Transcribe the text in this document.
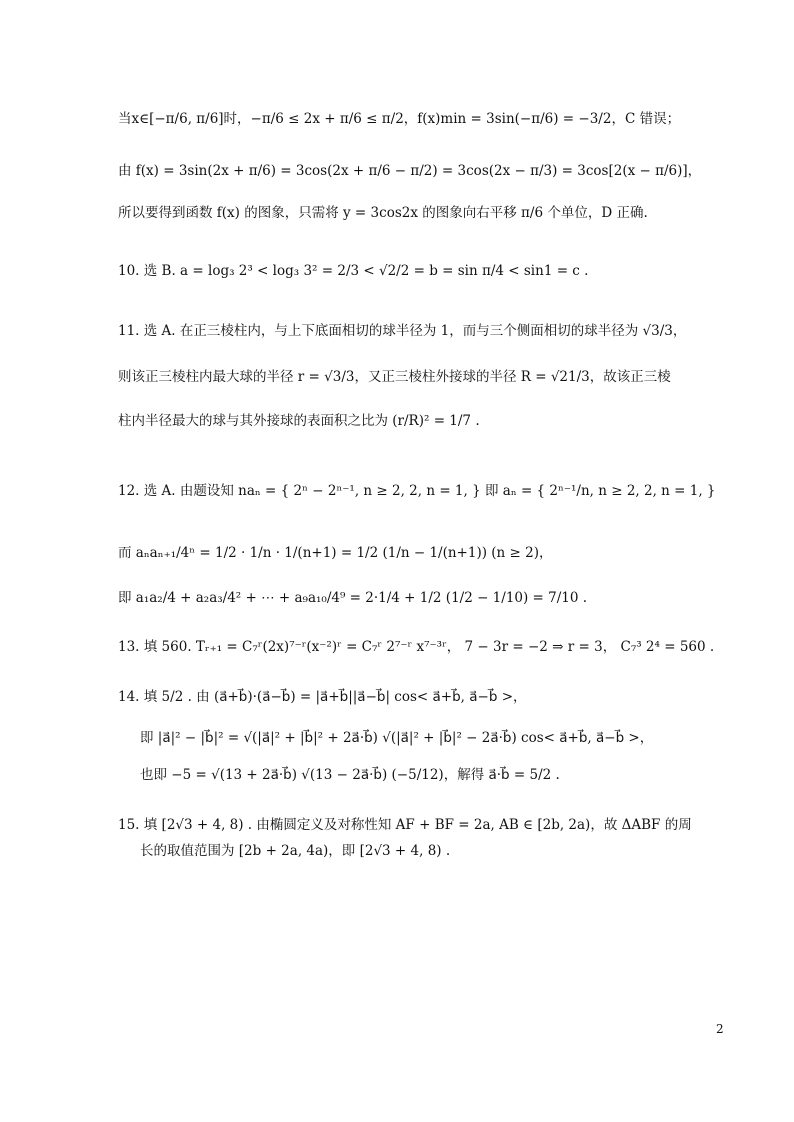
当x∈[−π/6, π/6]时，−π/6 ≤ 2x + π/6 ≤ π/2，f(x)min = 3sin(−π/6) = −3/2，C 错误；
由 f(x) = 3sin(2x + π/6) = 3cos(2x + π/6 − π/2) = 3cos(2x − π/3) = 3cos[2(x − π/6)]，
所以要得到函数 f(x) 的图象，只需将 y = 3cos2x 的图象向右平移 π/6 个单位，D 正确.
10. 选 B. a = log₃ 2³ < log₃ 3² = 2/3 < √2/2 = b = sin π/4 < sin1 = c .
11. 选 A. 在正三棱柱内，与上下底面相切的球半径为 1，而与三个侧面相切的球半径为 √3/3，
则该正三棱柱内最大球的半径 r = √3/3，又正三棱柱外接球的半径 R = √21/3，故该正三棱
柱内半径最大的球与其外接球的表面积之比为 (r/R)² = 1/7 .
12. 选 A. 由题设知 naₙ = { 2ⁿ − 2ⁿ⁻¹, n ≥ 2, 2, n = 1, } 即 aₙ = { 2ⁿ⁻¹/n, n ≥ 2, 2, n = 1, }
而 aₙaₙ₊₁/4ⁿ = 1/2 · 1/n · 1/(n+1) = 1/2 (1/n − 1/(n+1)) (n ≥ 2)，
即 a₁a₂/4 + a₂a₃/4² + ⋯ + a₉a₁₀/4⁹ = 2·1/4 + 1/2 (1/2 − 1/10) = 7/10 .
13. 填 560. Tᵣ₊₁ = C₇ʳ(2x)⁷⁻ʳ(x⁻²)ʳ = C₇ʳ 2⁷⁻ʳ x⁷⁻³ʳ， 7 − 3r = −2 ⇒ r = 3， C₇³ 2⁴ = 560 .
14. 填 5/2 . 由 (a⃗+b⃗)·(a⃗−b⃗) = |a⃗+b⃗||a⃗−b⃗| cos< a⃗+b⃗, a⃗−b⃗ >，
即 |a⃗|² − |b⃗|² = √(|a⃗|² + |b⃗|² + 2a⃗·b⃗) √(|a⃗|² + |b⃗|² − 2a⃗·b⃗) cos< a⃗+b⃗, a⃗−b⃗ >，
也即 −5 = √(13 + 2a⃗·b⃗) √(13 − 2a⃗·b⃗) (−5/12)，解得 a⃗·b⃗ = 5/2 .
15. 填 [2√3 + 4, 8) . 由椭圆定义及对称性知 AF + BF = 2a, AB ∈ [2b, 2a)，故 ΔABF 的周
长的取值范围为 [2b + 2a, 4a)，即 [2√3 + 4, 8) .
2
